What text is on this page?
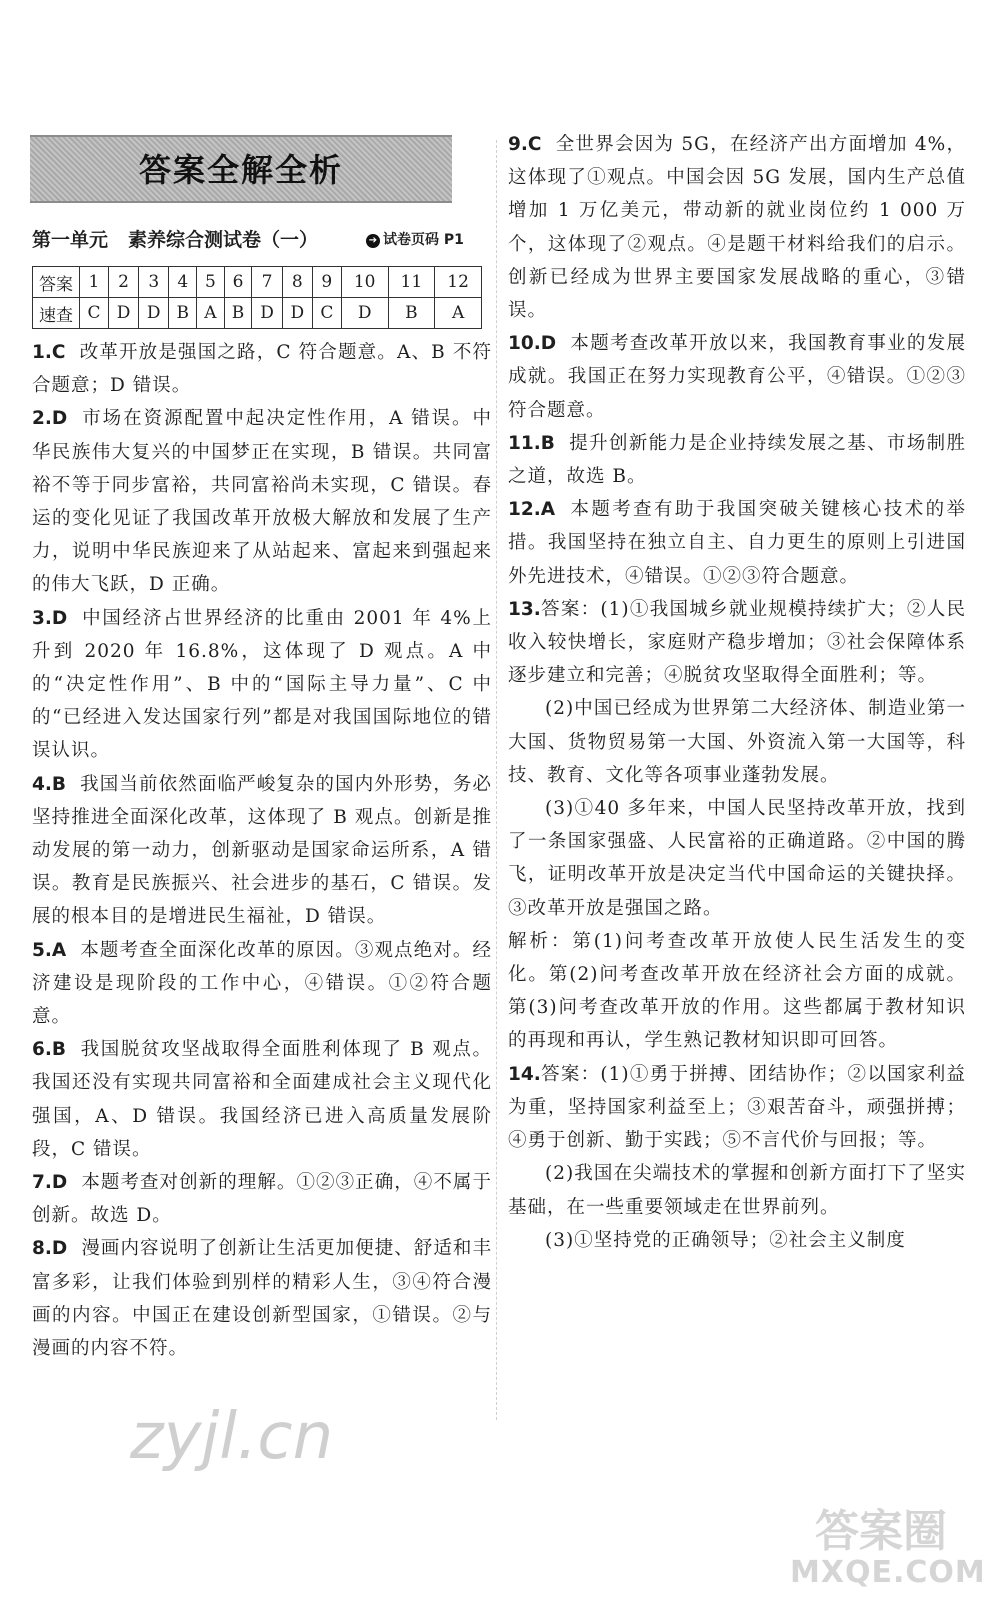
答案全解全析
第一单元 素养综合测试卷（一）	➔ 试卷页码 P1
答案	1	2	3	4	5	6	7	8	9	10	11	12
速查	C	D	D	B	A	B	D	D	C	D	B	A

1.C 改革开放是强国之路，C 符合题意。A、B 不符合题意；D 错误。

2.D 市场在资源配置中起决定性作用，A 错误。中华民族伟大复兴的中国梦正在实现，B 错误。共同富裕不等于同步富裕，共同富裕尚未实现，C 错误。春运的变化见证了我国改革开放极大解放和发展了生产力，说明中华民族迎来了从站起来、富起来到强起来的伟大飞跃，D 正确。

3.D 中国经济占世界经济的比重由 2001 年 4%上升到 2020 年 16.8%，这体现了 D 观点。A 中的“决定性作用”、B 中的“国际主导力量”、C 中的“已经进入发达国家行列”都是对我国国际地位的错误认识。

4.B 我国当前依然面临严峻复杂的国内外形势，务必坚持推进全面深化改革，这体现了 B 观点。创新是推动发展的第一动力，创新驱动是国家命运所系，A 错误。教育是民族振兴、社会进步的基石，C 错误。发展的根本目的是增进民生福祉，D 错误。

5.A 本题考查全面深化改革的原因。③观点绝对。经济建设是现阶段的工作中心，④错误。①②符合题意。

6.B 我国脱贫攻坚战取得全面胜利体现了 B 观点。我国还没有实现共同富裕和全面建成社会主义现代化强国，A、D 错误。我国经济已进入高质量发展阶段，C 错误。

7.D 本题考查对创新的理解。①②③正确，④不属于创新。故选 D。

8.D 漫画内容说明了创新让生活更加便捷、舒适和丰富多彩，让我们体验到别样的精彩人生，③④符合漫画的内容。中国正在建设创新型国家，①错误。②与漫画的内容不符。

9.C 全世界会因为 5G，在经济产出方面增加 4%，这体现了①观点。中国会因 5G 发展，国内生产总值增加 1 万亿美元，带动新的就业岗位约 1 000 万个，这体现了②观点。④是题干材料给我们的启示。创新已经成为世界主要国家发展战略的重心，③错误。

10.D 本题考查改革开放以来，我国教育事业的发展成就。我国正在努力实现教育公平，④错误。①②③符合题意。

11.B 提升创新能力是企业持续发展之基、市场制胜之道，故选 B。

12.A 本题考查有助于我国突破关键核心技术的举措。我国坚持在独立自主、自力更生的原则上引进国外先进技术，④错误。①②③符合题意。

13.答案：(1)①我国城乡就业规模持续扩大；②人民收入较快增长，家庭财产稳步增加；③社会保障体系逐步建立和完善；④脱贫攻坚取得全面胜利；等。

(2)中国已经成为世界第二大经济体、制造业第一大国、货物贸易第一大国、外资流入第一大国等，科技、教育、文化等各项事业蓬勃发展。

(3)①40 多年来，中国人民坚持改革开放，找到了一条国家强盛、人民富裕的正确道路。②中国的腾飞，证明改革开放是决定当代中国命运的关键抉择。③改革开放是强国之路。

解析：第(1)问考查改革开放使人民生活发生的变化。第(2)问考查改革开放在经济社会方面的成就。第(3)问考查改革开放的作用。这些都属于教材知识的再现和再认，学生熟记教材知识即可回答。

14.答案：(1)①勇于拼搏、团结协作；②以国家利益为重，坚持国家利益至上；③艰苦奋斗，顽强拼搏；④勇于创新、勤于实践；⑤不言代价与回报；等。

(2)我国在尖端技术的掌握和创新方面打下了坚实基础，在一些重要领域走在世界前列。

(3)①坚持党的正确领导；②社会主义制度

zyjl.cn
答案圈
MXQE.COM
